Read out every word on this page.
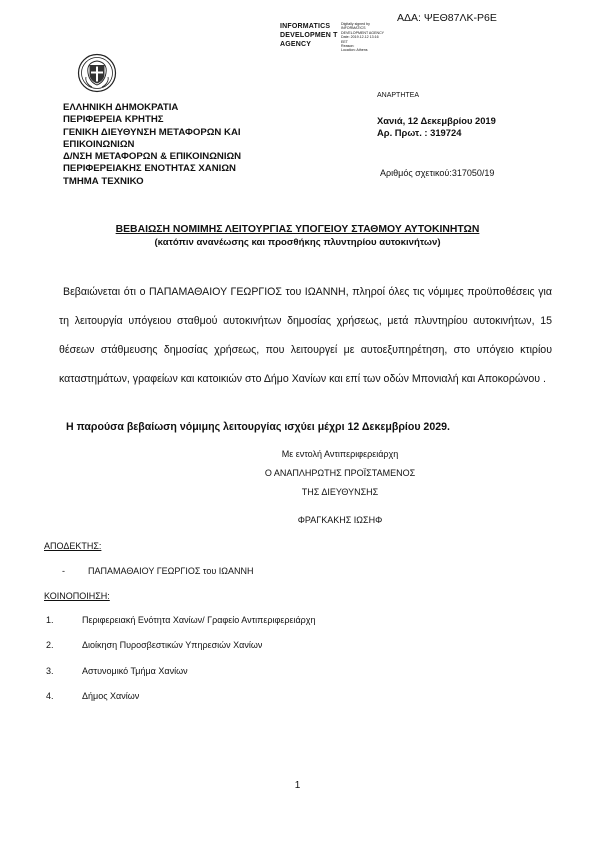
ΑΔΑ: ΨΕΘ87ΛΚ-Ρ6Ε
INFORMATICS DEVELOPMEN T AGENCY
Digitally signed by
INFORMATICS
DEVELOPMENT AGENCY
Date: 2019.12.12 13:16
EET
Reason:
Location: Athens
ΕΛΛΗΝΙΚΗ ΔΗΜΟΚΡΑΤΙΑ
ΠΕΡΙΦΕΡΕΙΑ ΚΡΗΤΗΣ
ΓΕΝΙΚΗ ΔΙΕΥΘΥΝΣΗ ΜΕΤΑΦΟΡΩΝ ΚΑΙ
ΕΠΙΚΟΙΝΩΝΙΩΝ
Δ/ΝΣΗ ΜΕΤΑΦΟΡΩΝ & ΕΠΙΚΟΙΝΩΝΙΩΝ
ΠΕΡΙΦΕΡΕΙΑΚΗΣ ΕΝΟΤΗΤΑΣ ΧΑΝΙΩΝ
ΤΜΗΜΑ ΤΕΧΝΙΚΟ
ΑΝΑΡΤΗΤΕΑ
Χανιά, 12 Δεκεμβρίου 2019
Αρ. Πρωτ. : 319724
Αριθμός σχετικού:317050/19
ΒΕΒΑΙΩΣΗ ΝΟΜΙΜΗΣ ΛΕΙΤΟΥΡΓΙΑΣ ΥΠΟΓΕΙΟΥ ΣΤΑΘΜΟΥ ΑΥΤΟΚΙΝΗΤΩΝ
(κατόπιν ανανέωσης και προσθήκης πλυντηρίου αυτοκινήτων)

Βεβαιώνεται ότι ο ΠΑΠΑΜΑΘΑΙΟΥ ΓΕΩΡΓΙΟΣ του ΙΩΑΝΝΗ, πληροί όλες τις νόμιμες προϋποθέσεις για τη λειτουργία υπόγειου σταθμού αυτοκινήτων δημοσίας χρήσεως, μετά πλυντηρίου αυτοκινήτων, 15 θέσεων στάθμευσης δημοσίας χρήσεως, που λειτουργεί με αυτοεξυπηρέτηση, στο υπόγειο κτιρίου καταστημάτων, γραφείων και κατοικιών στο Δήμο Χανίων και επί των οδών Μπονιαλή και Αποκορώνου .

Η παρούσα βεβαίωση νόμιμης λειτουργίας ισχύει μέχρι 12 Δεκεμβρίου 2029.
Με εντολή Αντιπεριφερειάρχη
Ο ΑΝΑΠΛΗΡΩΤΗΣ ΠΡΟΪΣΤΑΜΕΝΟΣ
ΤΗΣ ΔΙΕΥΘΥΝΣΗΣ
ΦΡΑΓΚΑΚΗΣ ΙΩΣΗΦ
ΑΠΟΔΕΚΤΗΣ:
-	ΠΑΠΑΜΑΘΑΙΟΥ ΓΕΩΡΓΙΟΣ του ΙΩΑΝΝΗ
ΚΟΙΝΟΠΟΙΗΣΗ:
1.	Περιφερειακή Ενότητα Χανίων/ Γραφείο Αντιπεριφερειάρχη
2.	Διοίκηση Πυροσβεστικών Υπηρεσιών Χανίων
3.	Αστυνομικό Τμήμα Χανίων
4.	Δήμος Χανίων
1
